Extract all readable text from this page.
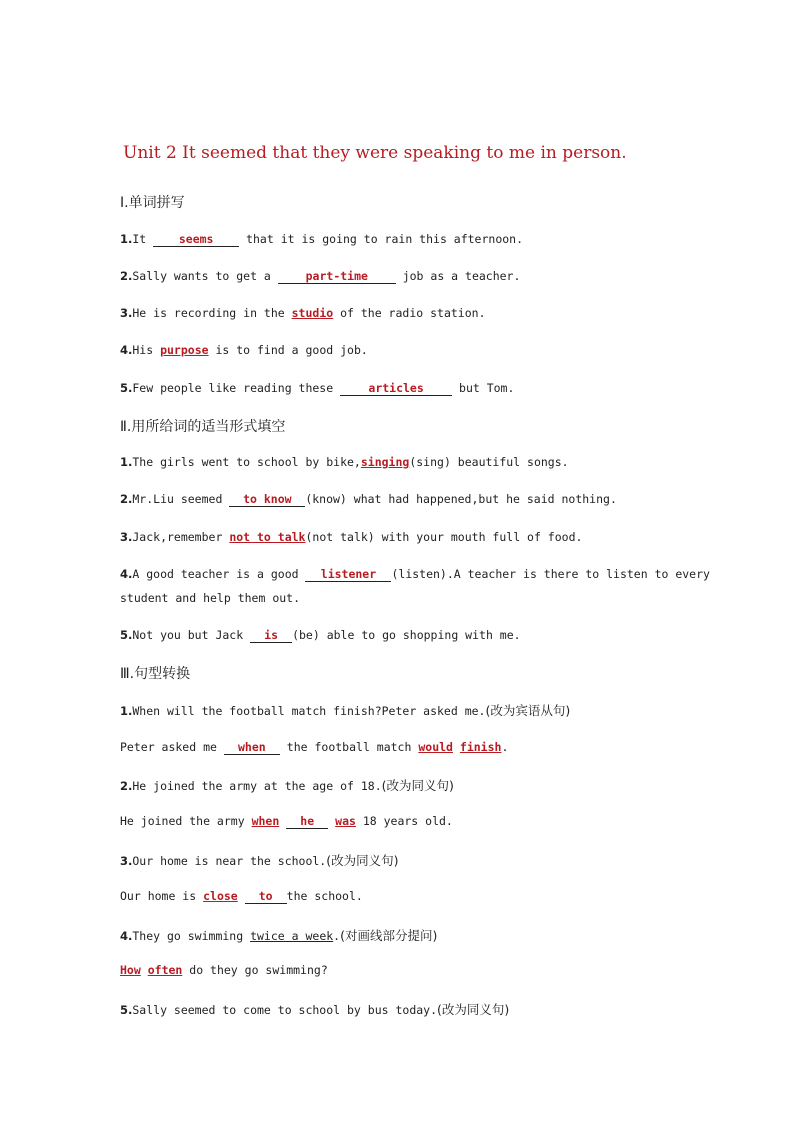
Unit 2 It seemed that they were speaking to me in person.
Ⅰ.单词拼写
1.It seems that it is going to rain this afternoon.
2.Sally wants to get a part-time job as a teacher.
3.He is recording in the studio of the radio station.
4.His purpose is to find a good job.
5.Few people like reading these articles but Tom.
Ⅱ.用所给词的适当形式填空
1.The girls went to school by bike,singing(sing) beautiful songs.
2.Mr.Liu seemed to know (know) what had happened,but he said nothing.
3.Jack,remember not to talk(not talk) with your mouth full of food.
4.A good teacher is a good listener (listen).A teacher is there to listen to every
student and help them out.
5.Not you but Jack is (be) able to go shopping with me.
Ⅲ.句型转换
1.When will the football match finish?Peter asked me.(改为宾语从句)
Peter asked me when the football match would finish.
2.He joined the army at the age of 18.(改为同义句)
He joined the army when he was 18 years old.
3.Our home is near the school.(改为同义句)
Our home is close to the school.
4.They go swimming twice a week.(对画线部分提问)
How often do they go swimming?
5.Sally seemed to come to school by bus today.(改为同义句)
